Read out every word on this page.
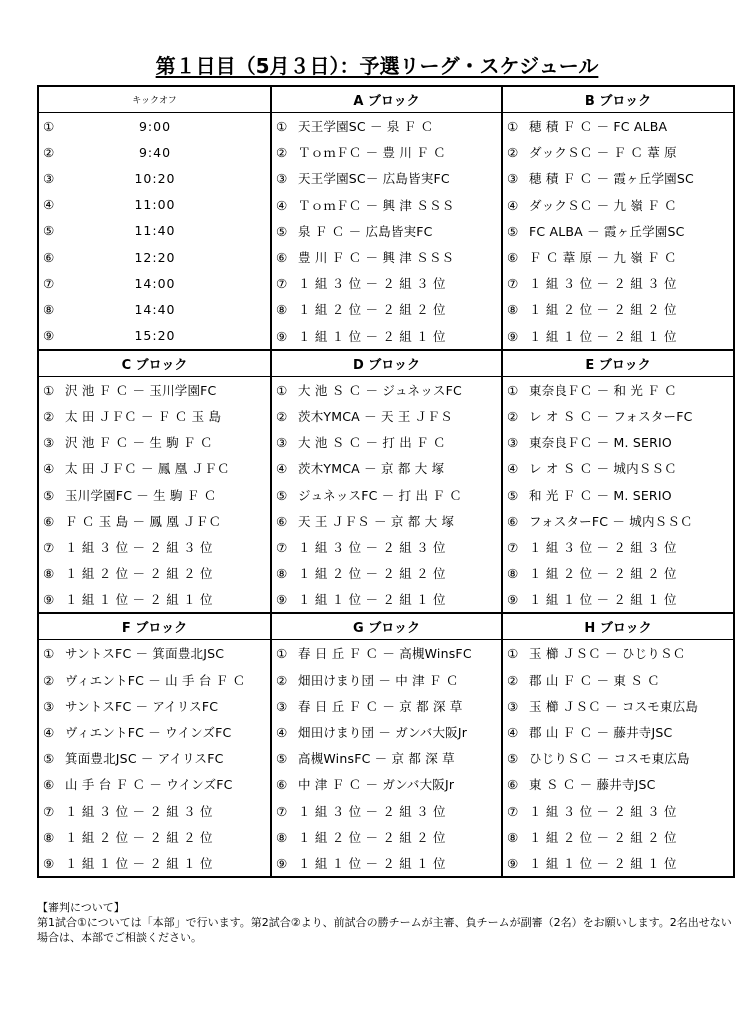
第１日目（5月３日）：予選リーグ・スケジュール
キックオフ	A ブロック	B ブロック
① 9:00	① 天王学園SC － 泉 Ｆ Ｃ	① 穂 積 Ｆ Ｃ － FC ALBA
② 9:40	② ＴｏｍＦＣ － 豊 川 Ｆ Ｃ	② ダックＳＣ － Ｆ Ｃ 葦 原
③ 10:20	③ 天王学園SC－ 広島皆実FC	③ 穂 積 Ｆ Ｃ － 霞ヶ丘学園SC
④ 11:00	④ ＴｏｍＦＣ － 興 津 ＳＳＳ	④ ダックＳＣ － 九 嶺 Ｆ Ｃ
⑤ 11:40	⑤ 泉 Ｆ Ｃ － 広島皆実FC	⑤ FC ALBA － 霞ヶ丘学園SC
⑥ 12:20	⑥ 豊 川 Ｆ Ｃ － 興 津 ＳＳＳ	⑥ Ｆ Ｃ 葦 原 － 九 嶺 Ｆ Ｃ
⑦ 14:00	⑦ １ 組 ３ 位 － ２ 組 ３ 位	⑦ １ 組 ３ 位 － ２ 組 ３ 位
⑧ 14:40	⑧ １ 組 ２ 位 － ２ 組 ２ 位	⑧ １ 組 ２ 位 － ２ 組 ２ 位
⑨ 15:20	⑨ １ 組 １ 位 － ２ 組 １ 位	⑨ １ 組 １ 位 － ２ 組 １ 位
C ブロック	D ブロック	E ブロック
① 沢 池 Ｆ Ｃ － 玉川学園FC	① 大 池 Ｓ Ｃ － ジュネッスFC	① 東奈良ＦＣ － 和 光 Ｆ Ｃ
② 太 田 ＪＦＣ － Ｆ Ｃ 玉 島	② 茨木YMCA － 天 王 ＪＦＳ	② レ オ Ｓ Ｃ － フォスターFC
③ 沢 池 Ｆ Ｃ － 生 駒 Ｆ Ｃ	③ 大 池 Ｓ Ｃ － 打 出 Ｆ Ｃ	③ 東奈良ＦＣ － M. SERIO
④ 太 田 ＪＦＣ － 鳳 凰 ＪＦＣ	④ 茨木YMCA － 京 都 大 塚	④ レ オ Ｓ Ｃ － 城内ＳＳＣ
⑤ 玉川学園FC － 生 駒 Ｆ Ｃ	⑤ ジュネッスFC － 打 出 Ｆ Ｃ	⑤ 和 光 Ｆ Ｃ － M. SERIO
⑥ Ｆ Ｃ 玉 島 － 鳳 凰 ＪＦＣ	⑥ 天 王 ＪＦＳ － 京 都 大 塚	⑥ フォスターFC － 城内ＳＳＣ
⑦ １ 組 ３ 位 － ２ 組 ３ 位	⑦ １ 組 ３ 位 － ２ 組 ３ 位	⑦ １ 組 ３ 位 － ２ 組 ３ 位
⑧ １ 組 ２ 位 － ２ 組 ２ 位	⑧ １ 組 ２ 位 － ２ 組 ２ 位	⑧ １ 組 ２ 位 － ２ 組 ２ 位
⑨ １ 組 １ 位 － ２ 組 １ 位	⑨ １ 組 １ 位 － ２ 組 １ 位	⑨ １ 組 １ 位 － ２ 組 １ 位
F ブロック	G ブロック	H ブロック
① サントスFC － 箕面豊北JSC	① 春 日 丘 Ｆ Ｃ － 高槻WinsFC	① 玉 櫛 ＪＳＣ － ひじりＳＣ
② ヴィエントFC － 山 手 台 Ｆ Ｃ	② 畑田けまり団 － 中 津 Ｆ Ｃ	② 郡 山 Ｆ Ｃ － 東 Ｓ Ｃ
③ サントスFC － アイリスFC	③ 春 日 丘 Ｆ Ｃ － 京 都 深 草	③ 玉 櫛 ＪＳＣ － コスモ東広島
④ ヴィエントFC － ウインズFC	④ 畑田けまり団 － ガンバ大阪Jr	④ 郡 山 Ｆ Ｃ － 藤井寺JSC
⑤ 箕面豊北JSC － アイリスFC	⑤ 高槻WinsFC － 京 都 深 草	⑤ ひじりＳＣ － コスモ東広島
⑥ 山 手 台 Ｆ Ｃ － ウインズFC	⑥ 中 津 Ｆ Ｃ － ガンバ大阪Jr	⑥ 東 Ｓ Ｃ － 藤井寺JSC
⑦ １ 組 ３ 位 － ２ 組 ３ 位	⑦ １ 組 ３ 位 － ２ 組 ３ 位	⑦ １ 組 ３ 位 － ２ 組 ３ 位
⑧ １ 組 ２ 位 － ２ 組 ２ 位	⑧ １ 組 ２ 位 － ２ 組 ２ 位	⑧ １ 組 ２ 位 － ２ 組 ２ 位
⑨ １ 組 １ 位 － ２ 組 １ 位	⑨ １ 組 １ 位 － ２ 組 １ 位	⑨ １ 組 １ 位 － ２ 組 １ 位
【審判について】
第1試合①については「本部」で行います。第2試合②より、前試合の勝チームが主審、負チームが副審（2名）をお願いします。2名出せない場合は、本部でご相談ください。
